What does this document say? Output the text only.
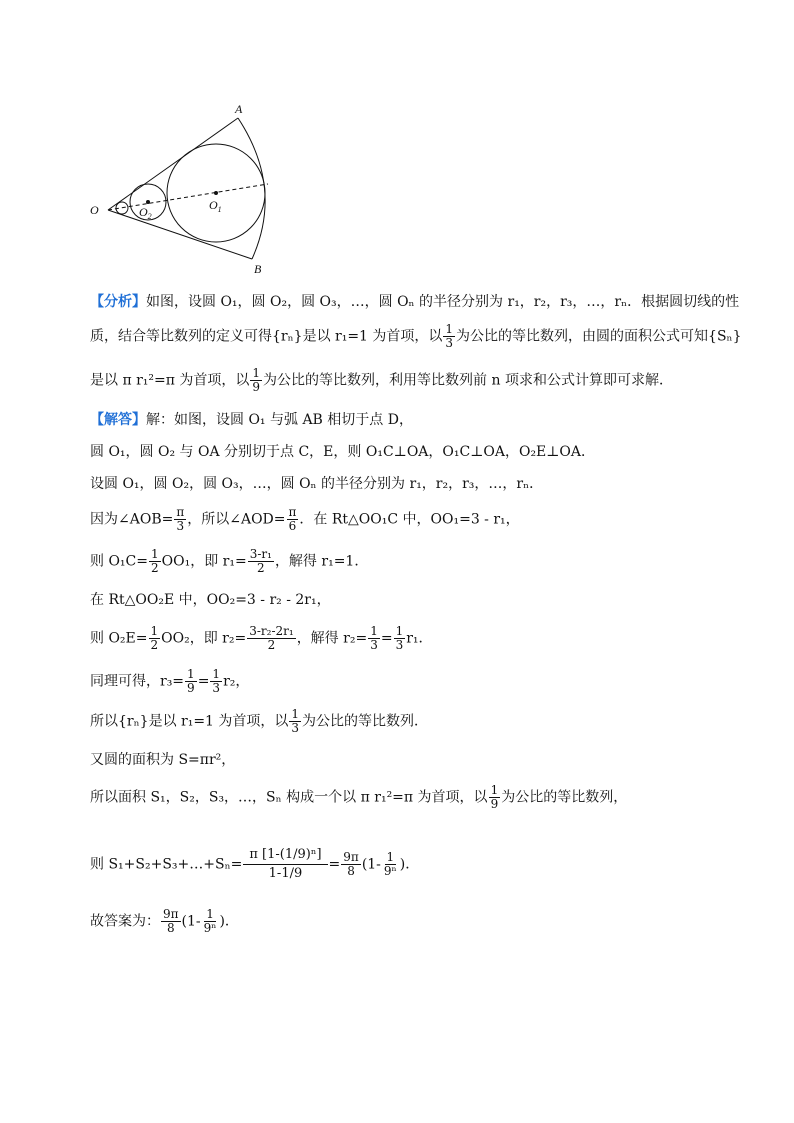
A
B
O	$O_1$
$O_2$
【分析】如图，设圆 O₁，圆 O₂，圆 O₃，…，圆 Oₙ 的半径分别为 r₁，r₂，r₃，…，rₙ．根据圆切线的性
质，结合等比数列的定义可得{rₙ}是以 r₁=1 为首项，以 $\frac{1}{3}$ 为公比的等比数列，由圆的面积公式可知{Sₙ}
是以 π r₁²=π 为首项，以 $\frac{1}{9}$ 为公比的等比数列，利用等比数列前 n 项求和公式计算即可求解．
【解答】解：如图，设圆 O₁ 与弧 AB 相切于点 D，
圆 O₁，圆 O₂ 与 OA 分别切于点 C，E，则 O₁C⊥OA，O₁C⊥OA，O₂E⊥OA．
设圆 O₁，圆 O₂，圆 O₃，…，圆 Oₙ 的半径分别为 r₁，r₂，r₃，…，rₙ．
因为∠AOB= $\frac{\pi}{3}$ ，所以∠AOD= $\frac{\pi}{6}$ ．在 Rt△OO₁C 中，OO₁=3 - r₁，
则 $O_1C= \frac{1}{2} OO_1$，即 $r_1= \frac{\text{3-r₁}}{2}$ ，解得 r₁=1．
在 Rt△OO₂E 中，OO₂=3 - r₂ - 2r₁，
则 $O_2E= \frac{1}{2} OO_2$，即 $r_2= \frac{\text{3-r₂-2r₁}}{2}$ ，解得 $r_2= \frac{1}{3} = \frac{1}{3} r_1$．
同理可得，$r_3= \frac{1}{9} = \frac{1}{3} r_2$，
所以{rₙ}是以 r₁=1 为首项，以 $\frac{1}{3}$ 为公比的等比数列．
又圆的面积为 S=πr²，
所以面积 S₁，S₂，S₃，…，Sₙ 构成一个以 π r₁²=π 为首项，以 $\frac{1}{9}$ 为公比的等比数列，
则 S₁+S₂+S₃+…+Sₙ= $\frac{\text{π [1-(1/9)ⁿ]}}{1-1/9} = \frac{9\pi}{8} (1- \frac{1}{\text{9ⁿ}}$ )．
故答案为： $\frac{9\pi}{8} (1- \frac{1}{\text{9ⁿ}}$ )．
